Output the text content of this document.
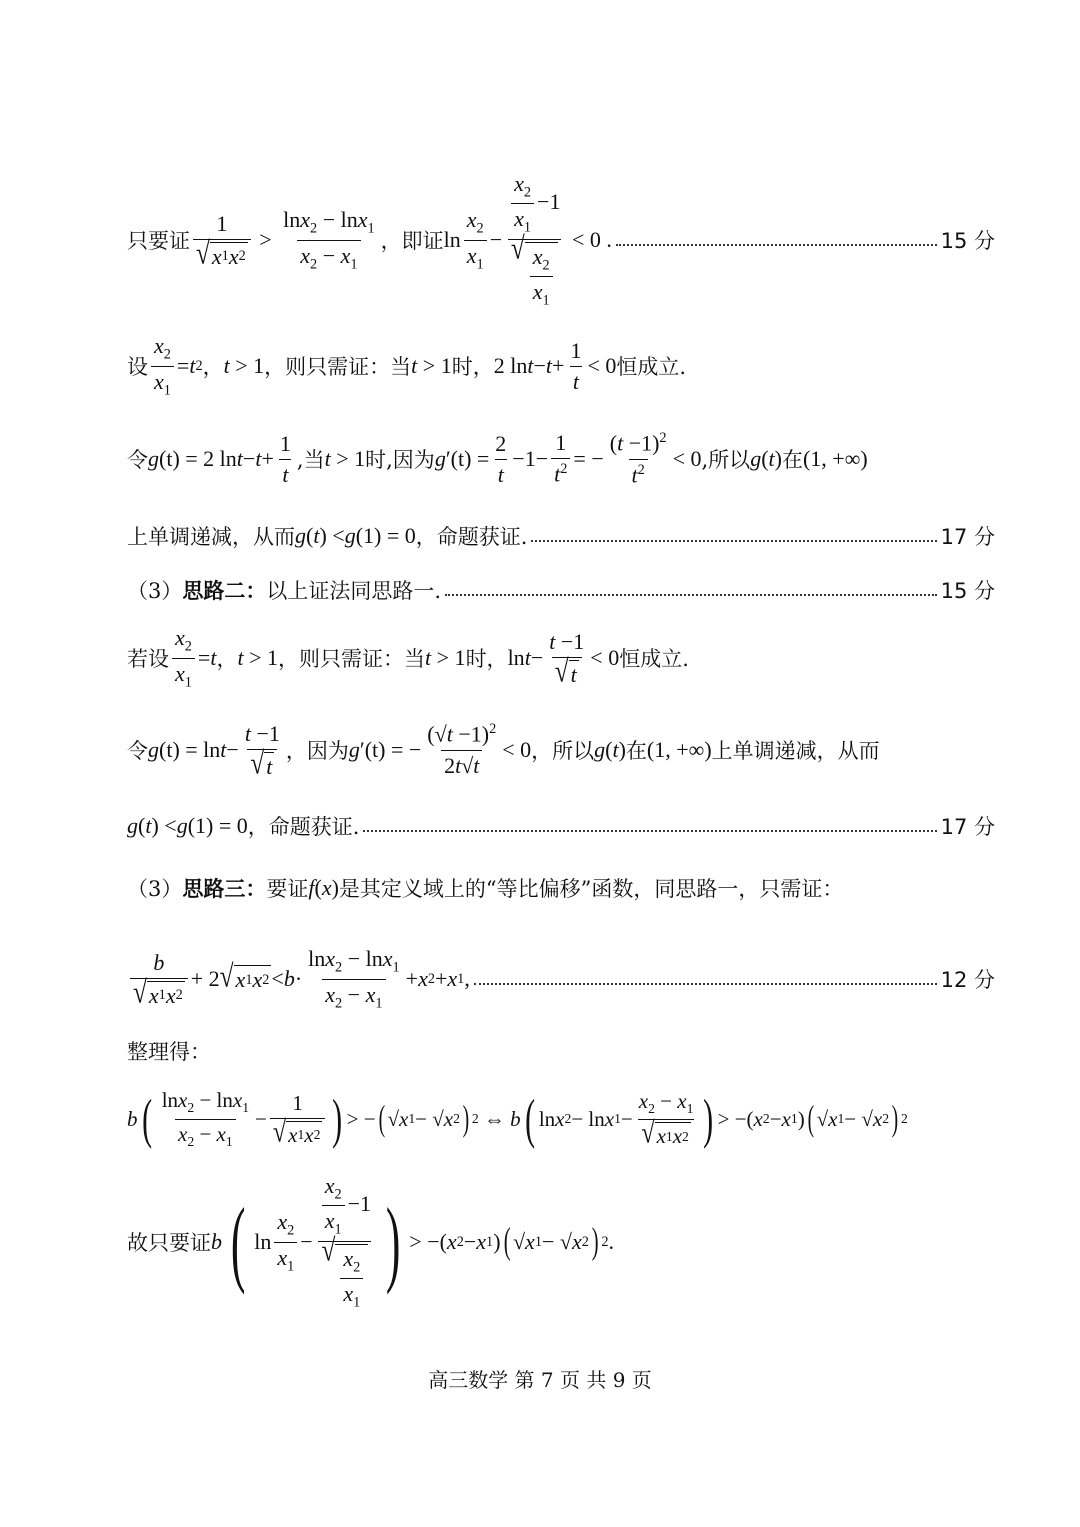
只要证 $\frac{1}{√ x 1 x 2} > \frac{\ln x_2 - \ln x_1}{x_2 - x_1}$ ，即证 $\ln \frac{x_2}{x_1} - \frac{\frac{x_2}{x_1} -1}{√ \frac{x_2}{x_1}} < 0$ .	15 分
设 $\frac{x_2}{x_1} = t$ 2 ， t > 1 ，则只需证：当 t > 1 时， 2 $\ln t - t + \frac{1}{t} < 0$ 恒成立.
令 g (t) = 2 $\ln t - t + \frac{1}{t}$ ,当 t > 1 时,因为 g $'(t) = \frac{2}{t} -1- \frac{1}{t^2}$ = − $\frac{(t -1)^2}{t^2} < 0$ ,所以 g ( t ) 在 (1, +∞)
上单调递减，从而 g ( t ) < g (1) = 0 ，命题获证.	17 分
（3） 思路二： 以上证法同思路一.	15 分
若设 $\frac{x_2}{x_1} = t$ ， t > 1 ，则只需证：当 t > 1 时， $\ln t - \frac{t -1}{√ t} < 0$ 恒成立.
令 g $(t) = \ln t - \frac{t -1}{√ t}$ ，因为 g ′(t) = − $\frac{(√t -1)^2}{2t√t} < 0$ ，所以 g ( t ) 在 (1, +∞) 上单调递减，从而
g ( t ) < g (1) = 0 ，命题获证.	17 分
（3） 思路三： 要证 f ( x ) 是其定义域上的“等比偏移”函数，同思路一，只需证：
$\frac{b}{√ x 1 x 2} + 2$ √ x 1 x $2 < b \cdot \frac{\ln x_2 - \ln x_1}{x_2 - x_1} + x$ 2 + x 1 ,	12 分
整理得：
b ( $\frac{\ln x_2 - \ln x_1}{x_2 - x_1} - \frac{1}{√ x 1 x 2}$ ) > − ( √ x 1 − √ x 2 ) 2 ⇔ b ( ln x 2 − ln x $1 - \frac{x_2 - x_1}{√ x 1 x 2}$ ) > −( x 2 − x 1 ) ( √ x 1 − √ x 2 ) 2
故只要证 b ( $\ln \frac{x_2}{x_1} - \frac{\frac{x_2}{x_1} -1}{√ \frac{x_2}{x_1}}$ ) > −( x 2 − x 1 ) ( √ x 1 − √ x 2 ) 2 .
高三数学 第 7 页 共 9 页
